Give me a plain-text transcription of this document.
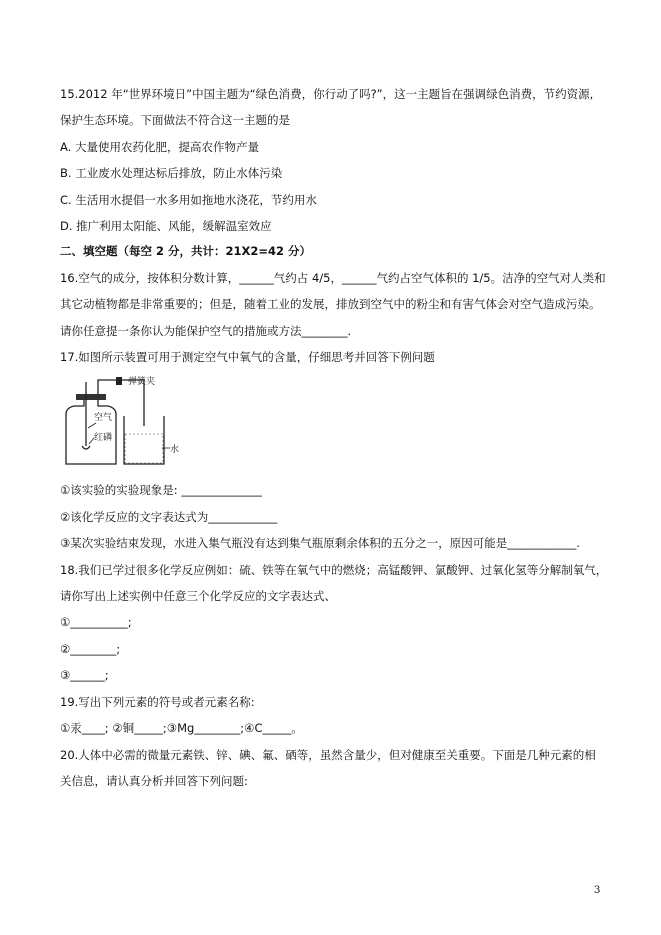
15.2012 年“世界环境日”中国主题为“绿色消费，你行动了吗?”，这一主题旨在强调绿色消费，节约资源,
保护生态环境。下面做法不符合这一主题的是
A. 大量使用农药化肥，提高农作物产量
B. 工业废水处理达标后排放，防止水体污染
C. 生活用水提倡一水多用如拖地水浇花，节约用水
D. 推广利用太阳能、风能，缓解温室效应
二、填空题（每空 2 分，共计：21X2=42 分）
16.空气的成分，按体积分数计算，______气约占 4/5，______气约占空气体积的 1/5。洁净的空气对人类和
其它动植物都是非常重要的；但是，随着工业的发展，排放到空气中的粉尘和有害气体会对空气造成污染。
请你任意提一条你认为能保护空气的措施或方法________.
17.如图所示装置可用于测定空气中氧气的含量，仔细思考并回答下例问题
弹簧夹
空气
红磷
水
①该实验的实验现象是: ______________
②该化学反应的文字表达式为____________
③某次实验结束发现，水进入集气瓶没有达到集气瓶原剩余体积的五分之一，原因可能是____________.
18.我们已学过很多化学反应例如：硫、铁等在氧气中的燃烧；高锰酸钾、氯酸钾、过氧化氢等分解制氧气，
请你写出上述实例中任意三个化学反应的文字表达式、
①__________;
②________;
③______;
19.写出下列元素的符号或者元素名称:
①汞____; ②铜_____;③Mg________;④C_____。
20.人体中必需的微量元素铁、锌、碘、氟、硒等，虽然含量少，但对健康至关重要。下面是几种元素的相
关信息，请认真分析并回答下列问题:
3
